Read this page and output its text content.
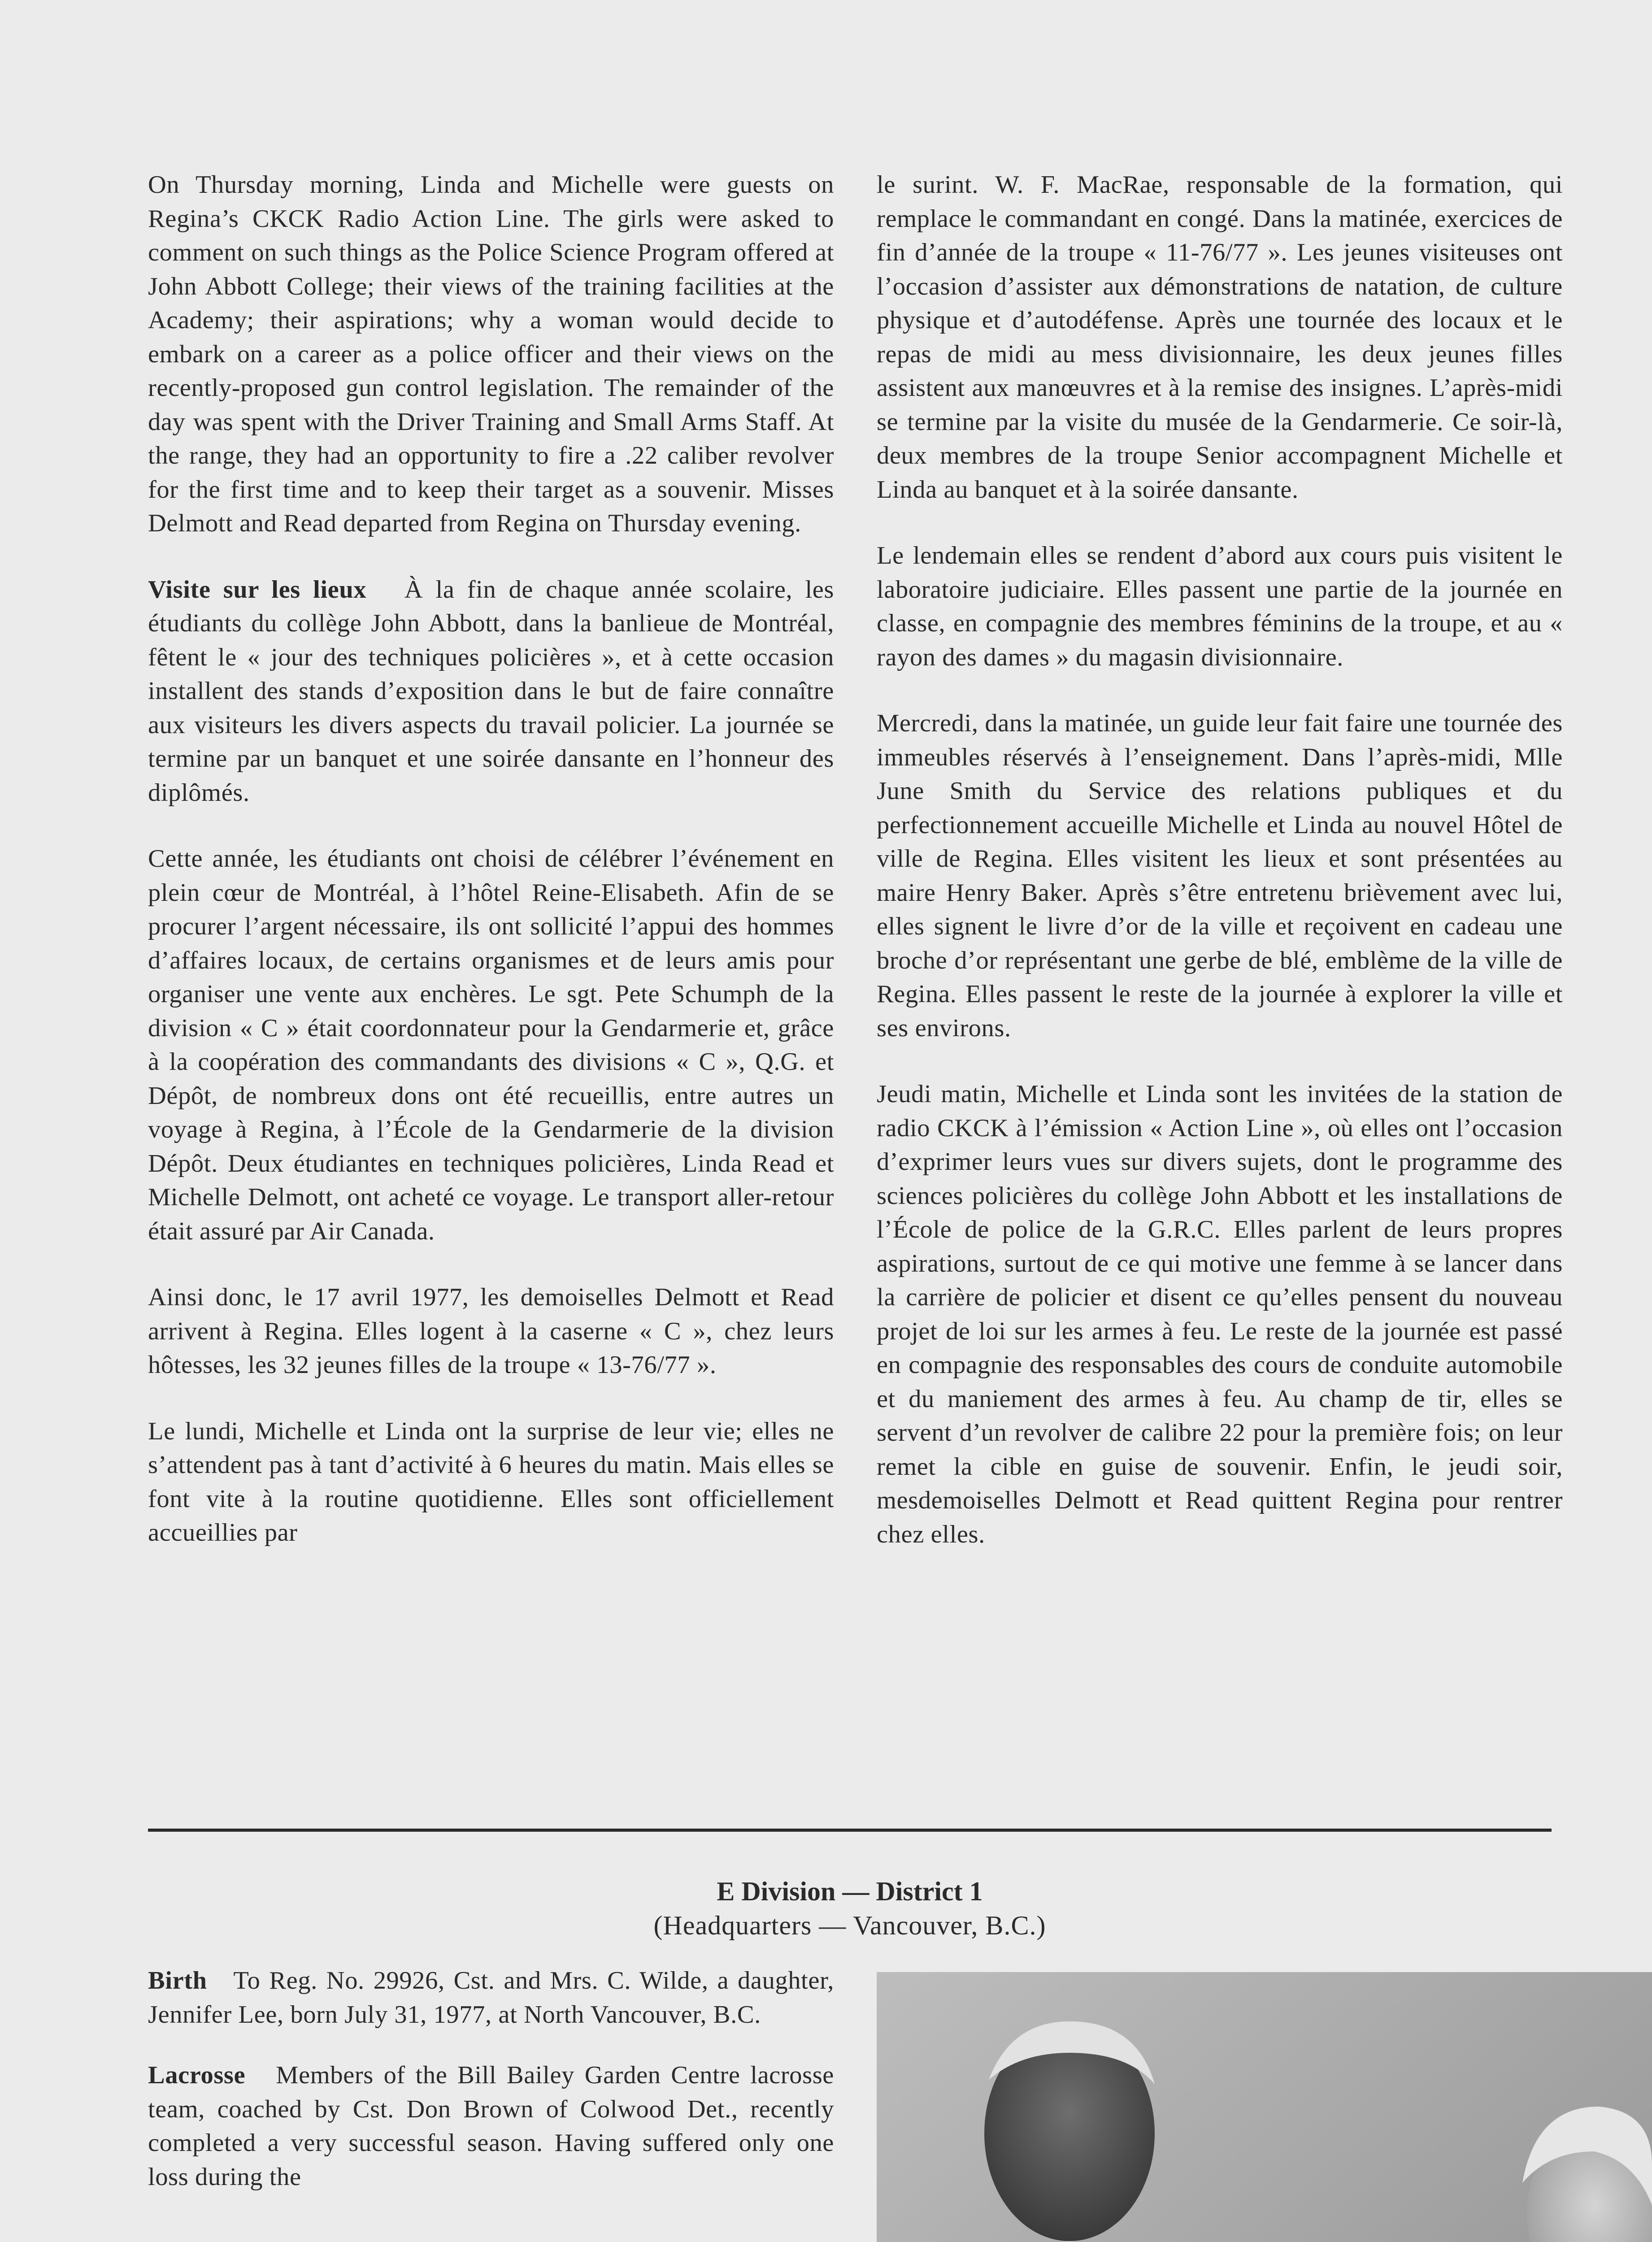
On Thursday morning, Linda and Michelle were guests on Regina’s CKCK Radio Action Line. The girls were asked to comment on such things as the Police Science Program offered at John Abbott College; their views of the training facilities at the Academy; their aspirations; why a woman would decide to embark on a career as a police officer and their views on the recently-proposed gun control legislation. The remainder of the day was spent with the Driver Training and Small Arms Staff. At the range, they had an opportunity to fire a .22 caliber revolver for the first time and to keep their target as a souvenir. Misses Delmott and Read departed from Regina on Thursday evening.

Visite sur les lieux À la fin de chaque année scolaire, les étudiants du collège John Abbott, dans la banlieue de Montréal, fêtent le « jour des techniques policières », et à cette occasion installent des stands d’exposition dans le but de faire connaître aux visiteurs les divers aspects du travail policier. La journée se termine par un banquet et une soirée dansante en l’honneur des diplômés.

Cette année, les étudiants ont choisi de célébrer l’événement en plein cœur de Montréal, à l’hôtel Reine-Elisabeth. Afin de se procurer l’argent nécessaire, ils ont sollicité l’appui des hommes d’affaires locaux, de certains organismes et de leurs amis pour organiser une vente aux enchères. Le sgt. Pete Schumph de la division « C » était coordonnateur pour la Gendarmerie et, grâce à la coopération des commandants des divisions « C », Q.G. et Dépôt, de nombreux dons ont été recueillis, entre autres un voyage à Regina, à l’École de la Gendarmerie de la division Dépôt. Deux étudiantes en techniques policières, Linda Read et Michelle Delmott, ont acheté ce voyage. Le transport aller-retour était assuré par Air Canada.

Ainsi donc, le 17 avril 1977, les demoiselles Delmott et Read arrivent à Regina. Elles logent à la caserne « C », chez leurs hôtesses, les 32 jeunes filles de la troupe « 13-76/77 ».

Le lundi, Michelle et Linda ont la surprise de leur vie; elles ne s’attendent pas à tant d’activité à 6 heures du matin. Mais elles se font vite à la routine quotidienne. Elles sont officiellement accueillies par

le surint. W. F. MacRae, responsable de la formation, qui remplace le commandant en congé. Dans la matinée, exercices de fin d’année de la troupe « 11-76/77 ». Les jeunes visiteuses ont l’occasion d’assister aux démonstrations de natation, de culture physique et d’autodéfense. Après une tournée des locaux et le repas de midi au mess divisionnaire, les deux jeunes filles assistent aux manœuvres et à la remise des insignes. L’après-midi se termine par la visite du musée de la Gendarmerie. Ce soir-là, deux membres de la troupe Senior accompagnent Michelle et Linda au banquet et à la soirée dansante.

Le lendemain elles se rendent d’abord aux cours puis visitent le laboratoire judiciaire. Elles passent une partie de la journée en classe, en compagnie des membres féminins de la troupe, et au « rayon des dames » du magasin divisionnaire.

Mercredi, dans la matinée, un guide leur fait faire une tournée des immeubles réservés à l’enseignement. Dans l’après-midi, Mlle June Smith du Service des relations publiques et du perfectionnement accueille Michelle et Linda au nouvel Hôtel de ville de Regina. Elles visitent les lieux et sont présentées au maire Henry Baker. Après s’être entretenu brièvement avec lui, elles signent le livre d’or de la ville et reçoivent en cadeau une broche d’or représentant une gerbe de blé, emblème de la ville de Regina. Elles passent le reste de la journée à explorer la ville et ses environs.

Jeudi matin, Michelle et Linda sont les invitées de la station de radio CKCK à l’émission « Action Line », où elles ont l’occasion d’exprimer leurs vues sur divers sujets, dont le programme des sciences policières du collège John Abbott et les installations de l’École de police de la G.R.C. Elles parlent de leurs propres aspirations, surtout de ce qui motive une femme à se lancer dans la carrière de policier et disent ce qu’elles pensent du nouveau projet de loi sur les armes à feu. Le reste de la journée est passé en compagnie des responsables des cours de conduite automobile et du maniement des armes à feu. Au champ de tir, elles se servent d’un revolver de calibre 22 pour la première fois; on leur remet la cible en guise de souvenir. Enfin, le jeudi soir, mesdemoiselles Delmott et Read quittent Regina pour rentrer chez elles.

E Division — District 1
(Headquarters — Vancouver, B.C.)

Birth To Reg. No. 29926, Cst. and Mrs. C. Wilde, a daughter, Jennifer Lee, born July 31, 1977, at North Vancouver, B.C.

Lacrosse Members of the Bill Bailey Garden Centre lacrosse team, coached by Cst. Don Brown of Colwood Det., recently completed a very successful season. Having suffered only one loss during the
